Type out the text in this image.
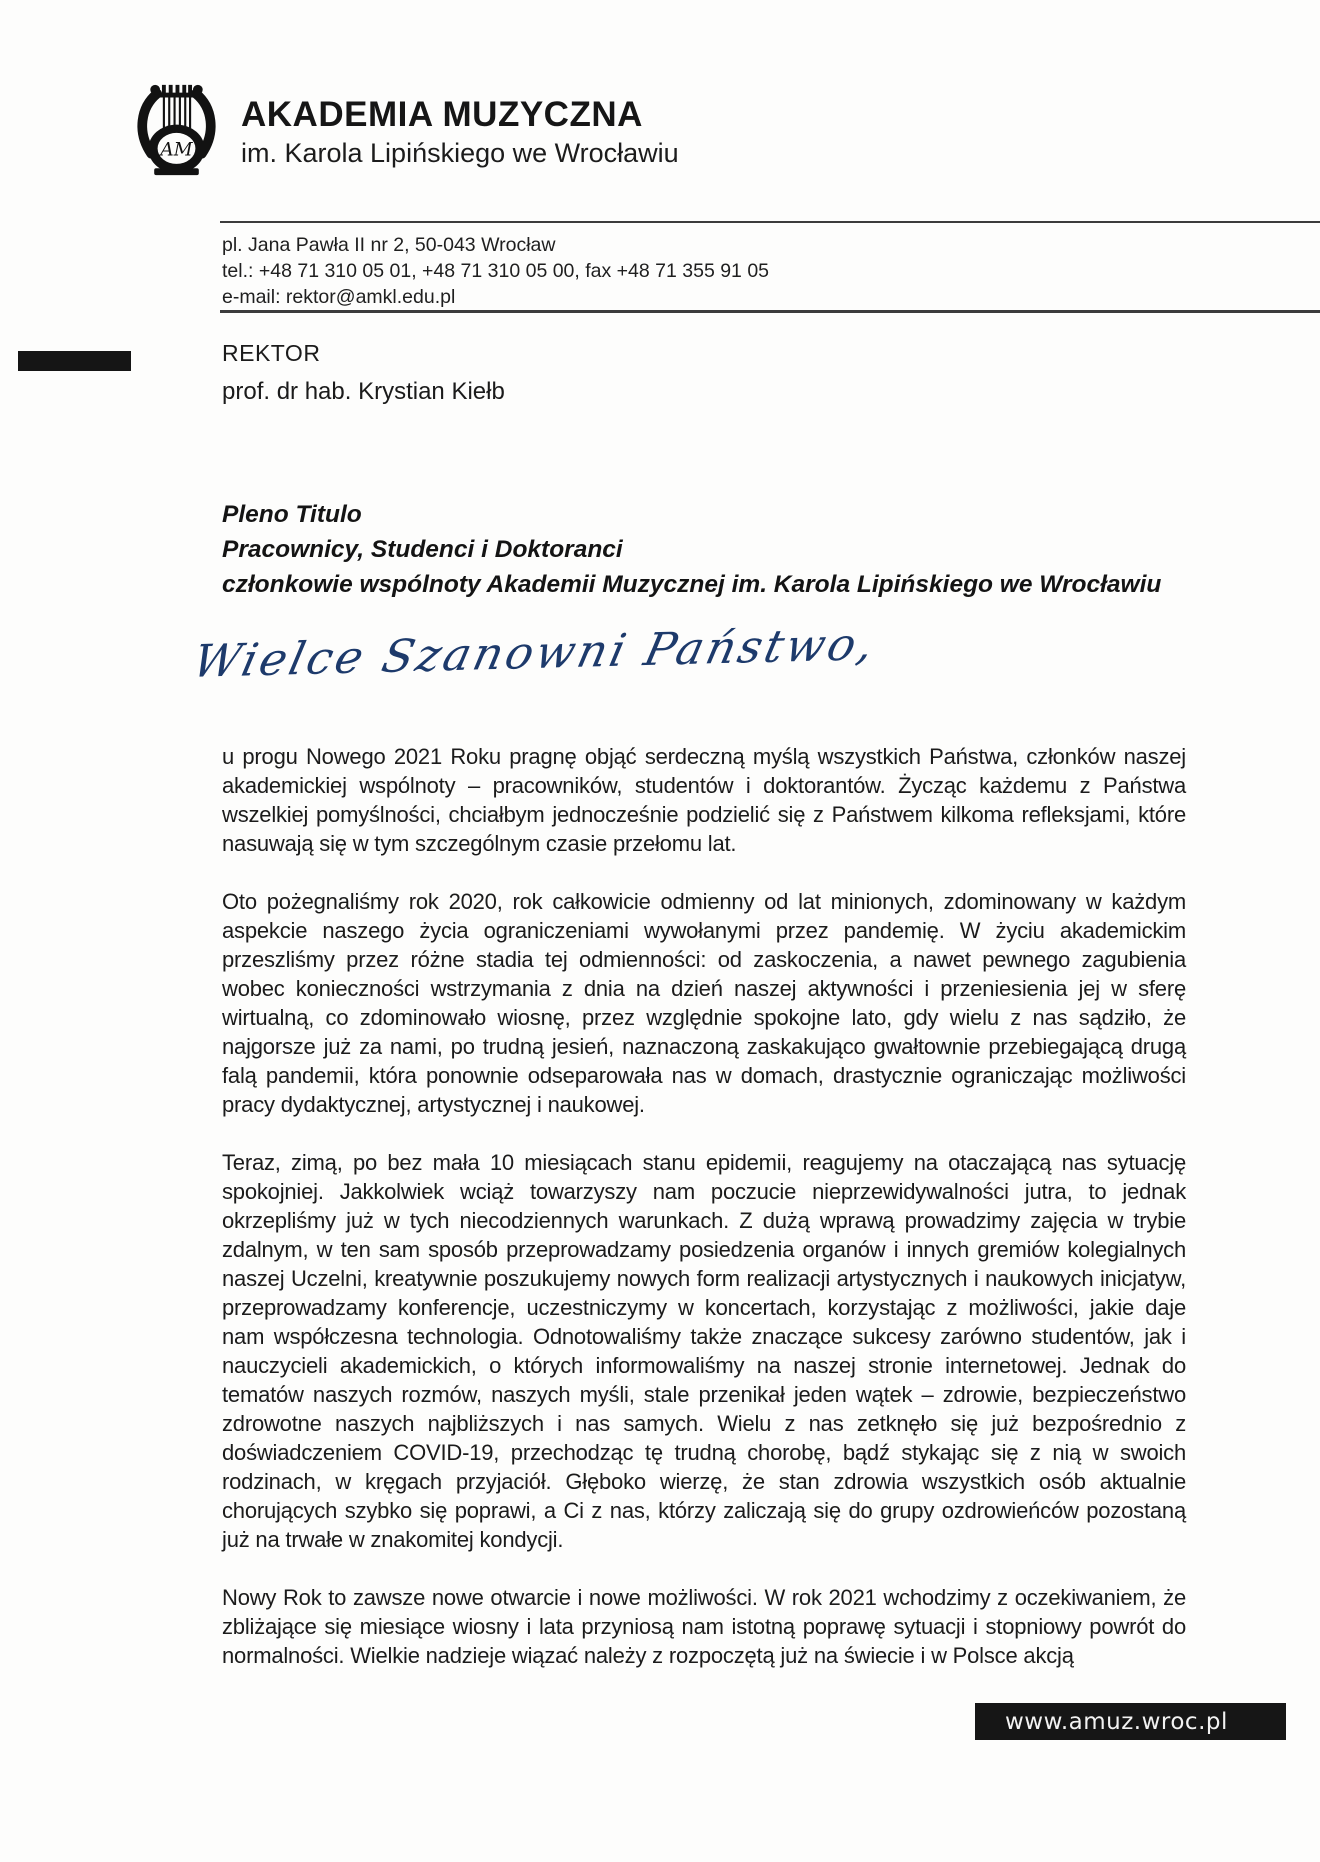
AM
AKADEMIA MUZYCZNA
im. Karola Lipińskiego we Wrocławiu
pl. Jana Pawła II nr 2, 50-043 Wrocław
tel.: +48 71 310 05 01, +48 71 310 05 00, fax +48 71 355 91 05
e-mail: rektor@amkl.edu.pl
REKTOR
prof. dr hab. Krystian Kiełb
Pleno Titulo
Pracownicy, Studenci i Doktoranci
członkowie wspólnoty Akademii Muzycznej im. Karola Lipińskiego we Wrocławiu
Wielce Szanowni Państwo,

u progu Nowego 2021 Roku pragnę objąć serdeczną myślą wszystkich Państwa, członków naszej akademickiej wspólnoty – pracowników, studentów i doktorantów. Życząc każdemu z Państwa wszelkiej pomyślności, chciałbym jednocześnie podzielić się z Państwem kilkoma refleksjami, które nasuwają się w tym szczególnym czasie przełomu lat.

Oto pożegnaliśmy rok 2020, rok całkowicie odmienny od lat minionych, zdominowany w każdym aspekcie naszego życia ograniczeniami wywołanymi przez pandemię. W życiu akademickim przeszliśmy przez różne stadia tej odmienności: od zaskoczenia, a nawet pewnego zagubienia wobec konieczności wstrzymania z dnia na dzień naszej aktywności i przeniesienia jej w sferę wirtualną, co zdominowało wiosnę, przez względnie spokojne lato, gdy wielu z nas sądziło, że najgorsze już za nami, po trudną jesień, naznaczoną zaskakująco gwałtownie przebiegającą drugą falą pandemii, która ponownie odseparowała nas w domach, drastycznie ograniczając możliwości pracy dydaktycznej, artystycznej i naukowej.

Teraz, zimą, po bez mała 10 miesiącach stanu epidemii, reagujemy na otaczającą nas sytuację spokojniej. Jakkolwiek wciąż towarzyszy nam poczucie nieprzewidywalności jutra, to jednak okrzepliśmy już w tych niecodziennych warunkach. Z dużą wprawą prowadzimy zajęcia w trybie zdalnym, w ten sam sposób przeprowadzamy posiedzenia organów i innych gremiów kolegialnych naszej Uczelni, kreatywnie poszukujemy nowych form realizacji artystycznych i naukowych inicjatyw, przeprowadzamy konferencje, uczestniczymy w koncertach, korzystając z możliwości, jakie daje nam współczesna technologia. Odnotowaliśmy także znaczące sukcesy zarówno studentów, jak i nauczycieli akademickich, o których informowaliśmy na naszej stronie internetowej. Jednak do tematów naszych rozmów, naszych myśli, stale przenikał jeden wątek – zdrowie, bezpieczeństwo zdrowotne naszych najbliższych i nas samych. Wielu z nas zetknęło się już bezpośrednio z doświadczeniem COVID-19, przechodząc tę trudną chorobę, bądź stykając się z nią w swoich rodzinach, w kręgach przyjaciół. Głęboko wierzę, że stan zdrowia wszystkich osób aktualnie chorujących szybko się poprawi, a Ci z nas, którzy zaliczają się do grupy ozdrowieńców pozostaną już na trwałe w znakomitej kondycji.

Nowy Rok to zawsze nowe otwarcie i nowe możliwości. W rok 2021 wchodzimy z oczekiwaniem, że zbliżające się miesiące wiosny i lata przyniosą nam istotną poprawę sytuacji i stopniowy powrót do normalności. Wielkie nadzieje wiązać należy z rozpoczętą już na świecie i w Polsce akcją

www.amuz.wroc.pl
